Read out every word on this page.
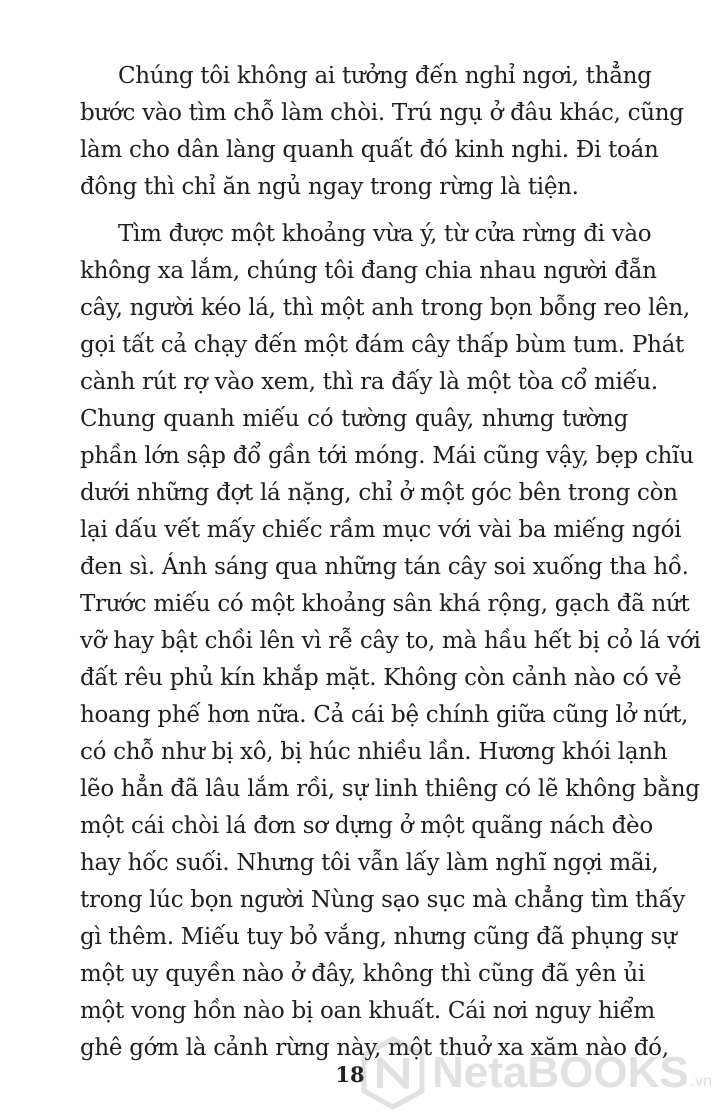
Chúng tôi không ai tưởng đến nghỉ ngơi, thẳng
bước vào tìm chỗ làm chòi. Trú ngụ ở đâu khác, cũng
làm cho dân làng quanh quất đó kinh nghi. Đi toán
đông thì chỉ ăn ngủ ngay trong rừng là tiện.
Tìm được một khoảng vừa ý, từ cửa rừng đi vào
không xa lắm, chúng tôi đang chia nhau người đẵn
cây, người kéo lá, thì một anh trong bọn bỗng reo lên,
gọi tất cả chạy đến một đám cây thấp bùm tum. Phát
cành rút rợ vào xem, thì ra đấy là một tòa cổ miếu.
Chung quanh miếu có tường quây, nhưng tường
phần lớn sập đổ gần tới móng. Mái cũng vậy, bẹp chĩu
dưới những đợt lá nặng, chỉ ở một góc bên trong còn
lại dấu vết mấy chiếc rầm mục với vài ba miếng ngói
đen sì. Ánh sáng qua những tán cây soi xuống tha hồ.
Trước miếu có một khoảng sân khá rộng, gạch đã nứt
vỡ hay bật chồi lên vì rễ cây to, mà hầu hết bị cỏ lá với
đất rêu phủ kín khắp mặt. Không còn cảnh nào có vẻ
hoang phế hơn nữa. Cả cái bệ chính giữa cũng lở nứt,
có chỗ như bị xô, bị húc nhiều lần. Hương khói lạnh
lẽo hẳn đã lâu lắm rồi, sự linh thiêng có lẽ không bằng
một cái chòi lá đơn sơ dựng ở một quãng nách đèo
hay hốc suối. Nhưng tôi vẫn lấy làm nghĩ ngợi mãi,
trong lúc bọn người Nùng sạo sục mà chẳng tìm thấy
gì thêm. Miếu tuy bỏ vắng, nhưng cũng đã phụng sự
một uy quyền nào ở đây, không thì cũng đã yên ủi
một vong hồn nào bị oan khuất. Cái nơi nguy hiểm
ghê gớm là cảnh rừng này, một thuở xa xăm nào đó,
18	NetaBOOKS .vn
